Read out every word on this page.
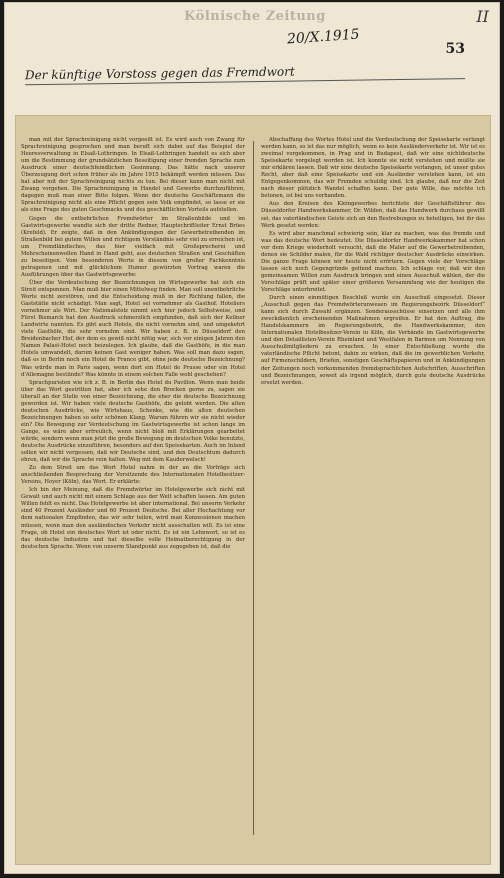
Kölnische Zeitung	II
20/X.1915
53
Der künftige Vorstoss gegen das Fremdwort

man mit der Sprachreinigung nicht vorgeeilt ist. Es wird auch von Zwang für Sprachreinigung gesprochen und man beruft sich dabei auf das Beispiel der Heeresverwaltung in Elsaß-Lothringen. In Elsaß-Lothringen handelt es sich aber um die Bestimmung der grundsätzlichen Beseitigung einer fremden Sprache zum Ausdruck einer deutschfeindlichen Gesinnung. Das hätte nach unserer Überzeugung dort schon früher als im Jahre 1915 bekämpft werden müssen. Das hat aber mit der Sprachreinigung nichts zu tun. Bei dieser kann man nicht mit Zwang vorgehen. Die Sprachreinigung in Handel und Gewerbe durchzuführen, dagegen muß man einer Bitte folgen. Wenn der deutsche Geschäftsmann die Sprachreinigung nicht als eine Pflicht gegen sein Volk empfindet, so lasse er sie als eine Frage des guten Geschmacks und des geschäftlichen Vorteils aufstellen.

Gegen die entbehrlichen Fremdwörter im Straßenbilde und im Gastwirtsgewerbe wandte sich der dritte Redner, Hauptschriftleiter Ernst Brües (Krefeld). Er zeigte, daß in den Ankündigungen der Gewerbetreibenden im Straßenbild bei gutem Willen und richtigem Verständnis sehr viel zu erreichen ist, um Fremdländisches, das hier vielfach mit Großsprecherei und Mehrscheinenwollen Hand in Hand geht, aus deutschen Straßen und Geschäften zu beseitigen. Vom besonderen Werte in diesem von großer Fachkenntnis getragenen und mit glücklichem Humor gewürzten Vortrag waren die Ausführungen über das Gastwirtsgewerbe:

Über die Verdeutschung der Bezeichnungen im Wirtsgewerbe hat sich ein Streit entsponnen. Man muß hier einen Mittelweg finden. Man soll unentbehrliche Worte nicht zerstören, und die Entscheidung muß in der Richtung fallen, die Gaststätte nicht schädigt. Man sagt, Hotel sei vornehmer als Gasthof. Hoteliers vornehmer als Wirt. Der Nationalstolz nimmt sich hier jedoch Selbstweise, und Fürst Bismarck hat den Ausdruck schmerzlich empfunden, daß sich der Kellner Landwirte nannten. Es gibt auch Hotels, die nicht vornehm sind, und umgekehrt viele Gasthöfe, die sehr vornehm sind. Wir haben z. B. in Düsseldorf den Breidenbacher Hof, der dem es gewiß nicht nötig war, sich vor einigen Jahren den Namen Palast-Hotel noch beizulegen. Ich glaube, daß die Gasthöfe, in die man Hotels umwandelt, darum keinen Gast weniger haben. Was soll man dazu sagen, daß es in Berlin noch ein Hotel de France gibt, ohne jede deutsche Bezeichnung? Was würde man in Paris sagen, wenn dort ein Hotel de Prusse oder ein Hotel d'Allemagne bestünde? Was könnte in einem solchen Falle wohl geschehen?

Sprachpuristen wie ich z. B. in Berlin das Hotel du Pavillon. Wenn man beide über das Wort gestritten hat, aber ich sehe den Brocken gerne zu, sagen sie überall an der Stelle von einer Bezeichnung, die eher die deutsche Bezeichnung geworden ist. Wir haben viele deutsche Gasthöfe, die gelobt werden. Die alten deutschen Ausdrücke, wie Wirtshaus, Schenke, wie die alten deutschen Bezeichnungen haben so sehr schönen Klang. Warum führen wir sie nicht wieder ein? Die Bewegung zur Verdeutschung im Gastwirtsgewerbe ist schon lange im Gange, es wäre aber erfreulich, wenn nicht bloß mit Erklärungen gearbeitet würde, sondern wenn man jetzt die große Bewegung im deutschen Volke benutzte, deutsche Ausdrücke einzuführen, besonders auf den Speisekarten. Auch im Inland sollen wir nicht vergessen, daß wir Deutsche sind, und den Deutschtum dadurch ehren, daß wir die Sprache rein halten. Weg mit dem Kauderwelsch!

Zu dem Streit um das Wort Hotel nahm in der an die Vorträge sich anschließenden Besprechung der Vorsitzende des Internationalen Hotelbesitzer-Vereins, Hoyer (Köln), das Wort. Er erklärte:

Ich bin der Meinung, daß die Fremdwörter im Hotelgewerbe sich nicht mit Gewalt und auch nicht mit einem Schlage aus der Welt schaffen lassen. Am guten Willen fehlt es nicht. Das Hotelgewerbe ist aber international. Bei unserm Verkehr sind 40 Prozent Ausländer und 60 Prozent Deutsche. Bei aller Hochachtung vor dem nationalen Empfinden, das wir sehr teilen, wird man Konzessionen machen müssen, wenn man den ausländischen Verkehr nicht ausschalten will. Es ist eine Frage, ob Hotel ein deutsches Wort ist oder nicht. Es ist ein Lehnwort, so ist es das deutsche Industrie und hat dieselbe volle Heimatberechtigung in der deutschen Sprache. Wenn von unserm Standpunkt aus zugegeben ist, daß die

Abschaffung des Wortes Hotel und die Verdeutschung der Speisekarte verlangt werden kann, so ist das nur möglich, wenn es kein Ausländerverkehr ist. Wir ist es zweimal vorgekommen, in Prag und in Budapest, daß wir eine nichtdeutsche Speisekarte vorgelegt worden ist. Ich konnte sie nicht verstehen und mußte sie mir erklären lassen. Daß wir eine deutsche Speisekarte verlangen, ist unser gutes Recht, aber daß eine Speisekarte und ein Ausländer verstehen kann, ist ein Entgegenkommen, das wir Fremden schuldig sind. Ich glaube, daß nur die Zeit nach dieser plötzlich Wandel schaffen kann. Der gute Wille, das möchte ich betonen, ist bei uns vorhanden.

Aus den Kreisen des Kleingewerbes berichtete der Geschäftsführer des Düsseldorfer Handwerkskammer, Dr. Wilden, daß das Handwerk durchaus gewillt sei, das vaterländischen Geiste sich an den Bestrebungen zu beteiligen, bei ihr das Werk gesetzt werden:

Es wird aber manchmal schwierig sein, klar zu machen, was das fremde und was das deutsche Wort bedeutet. Die Düsseldorfer Handwerkskammer hat schon vor dem Kriege wiederholt versucht, daß die Maler auf die Gewerbetreibenden, denen sie Schilder malen, für die Wahl richtiger deutscher Ausdrücke einwirken. Die ganze Frage können wir heute nicht erörtern. Gegen viele der Vorschläge lassen sich noch Gegengründe geltend machen. Ich schlage vor, daß wir den gemeinsamen Willen zum Ausdruck bringen und einen Ausschuß wählen, der die Vorschläge prüft und später einer größeren Versammlung wie der heutigen die Vorschläge unterbreitet.

Durch einen einmütigen Beschluß wurde ein Ausschuß eingesetzt. Dieser „Ausschuß gegen das Fremdwörterunwesen im Regierungsbezirk Düsseldorf“ kann sich durch Zuwahl ergänzen. Sonderausschüsse einsetzen und alle ihm zweckdienlich erscheinenden Maßnahmen ergreifen. Er hat den Auftrag, die Handelskammern im Regierungsbezirk, die Handwerkskammer, den Internationalen Hotelbesitzer-Verein in Köln, die Verbände im Gastwirtsgewerbe und den Detaillisten-Verein Rheinland und Westfalen in Barmen um Nennung von Ausschußmitgliedern zu ersuchen. In einer Entschließung wurde die vaterländische Pflicht betont, dahin zu wirken, daß die im gewerblichen Verkehr, auf Firmenschildern, Briefen, sonstigen Geschäftspapieren und in Ankündigungen der Zeitungen noch vorkommenden fremdsprachlichen Aufschriften, Ausschriften und Bezeichnungen, soweit als irgend möglich, durch gute deutsche Ausdrücke ersetzt werden.
